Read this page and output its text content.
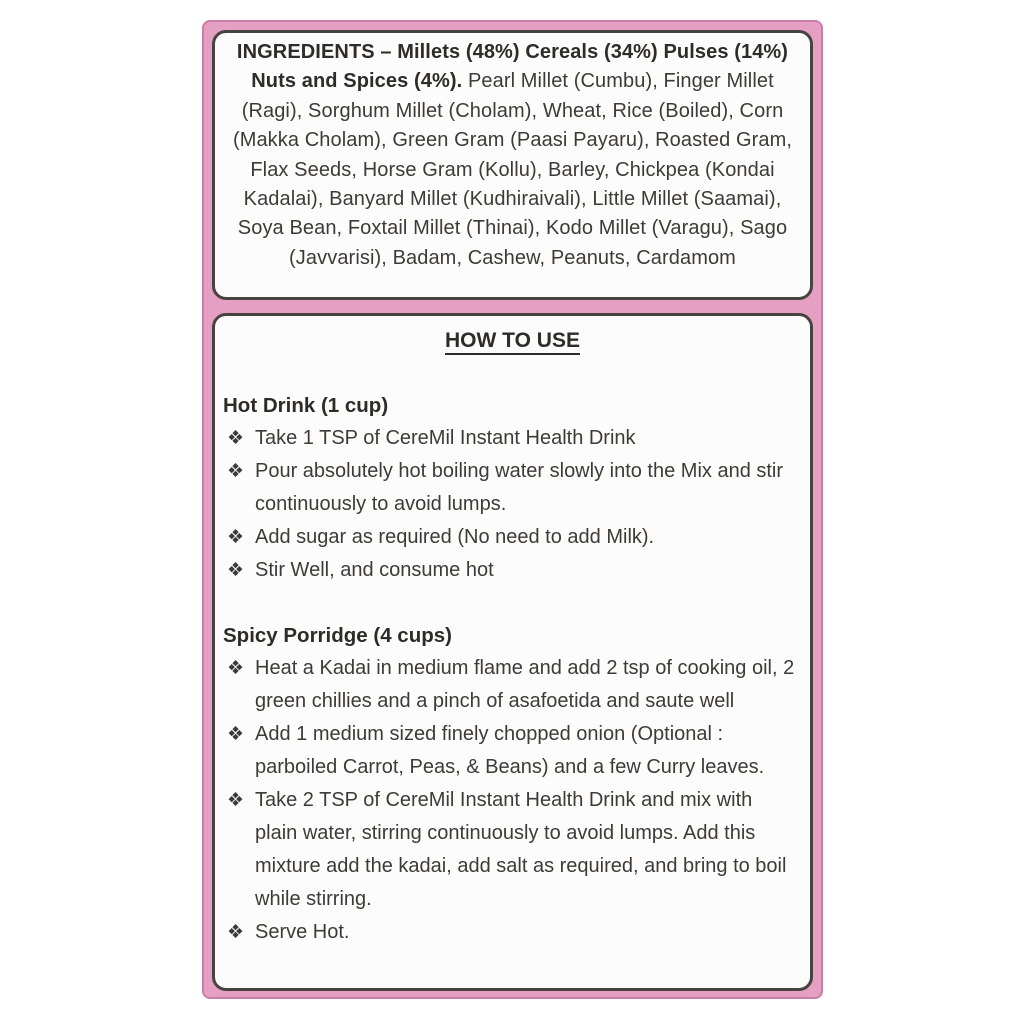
INGREDIENTS – Millets (48%) Cereals (34%) Pulses (14%) Nuts and Spices (4%). Pearl Millet (Cumbu), Finger Millet (Ragi), Sorghum Millet (Cholam), Wheat, Rice (Boiled), Corn (Makka Cholam), Green Gram (Paasi Payaru), Roasted Gram, Flax Seeds, Horse Gram (Kollu), Barley, Chickpea (Kondai Kadalai), Banyard Millet (Kudhiraivali), Little Millet (Saamai), Soya Bean, Foxtail Millet (Thinai), Kodo Millet (Varagu), Sago (Javvarisi), Badam, Cashew, Peanuts, Cardamom

HOW TO USE
Hot Drink (1 cup)
❖ Take 1 TSP of CereMil Instant Health Drink
❖ Pour absolutely hot boiling water slowly into the Mix and stir continuously to avoid lumps.
❖ Add sugar as required (No need to add Milk).
❖ Stir Well, and consume hot
Spicy Porridge (4 cups)
❖ Heat a Kadai in medium flame and add 2 tsp of cooking oil, 2 green chillies and a pinch of asafoetida and saute well
❖ Add 1 medium sized finely chopped onion (Optional : parboiled Carrot, Peas, & Beans) and a few Curry leaves.
❖ Take 2 TSP of CereMil Instant Health Drink and mix with plain water, stirring continuously to avoid lumps. Add this mixture add the kadai, add salt as required, and bring to boil while stirring.
❖ Serve Hot.
